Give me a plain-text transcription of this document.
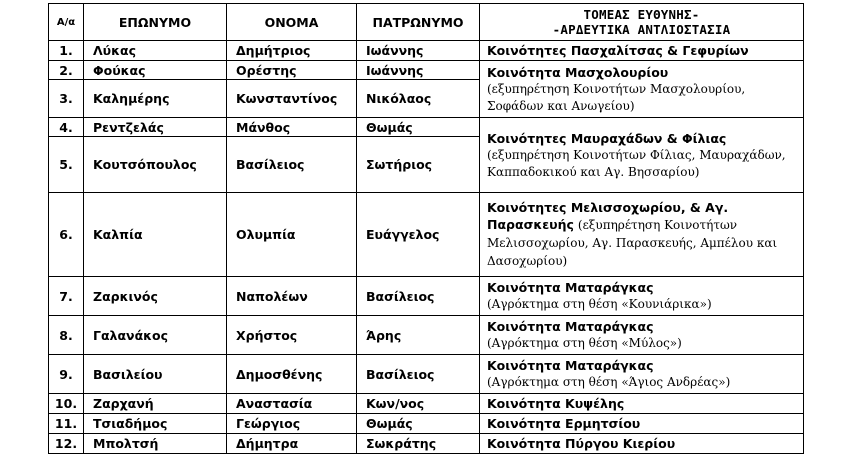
Α/α	ΕΠΩΝΥΜΟ	ΟΝΟΜΑ	ΠΑΤΡΩΝΥΜΟ	ΤΟΜΕΑΣ ΕΥΘΥΝΗΣ-
-ΑΡΔΕΥΤΙΚΑ ΑΝΤΛΙΟΣΤΑΣΙΑ

1.	Λύκας	Δημήτριος	Ιωάννης	Κοινότητες Πασχαλίτσας & Γεφυρίων
2.	Φούκας	Ορέστης	Ιωάννης	Κοινότητα Μασχολουρίου
(εξυπηρέτηση Κοινοτήτων Μασχολουρίου, Σοφάδων και Ανωγείου)

3.	Καλημέρης	Κωνσταντίνος	Νικόλαος	
4.	Ρεντζελάς	Μάνθος	Θωμάς	Κοινότητες Μαυραχάδων & Φίλιας
(εξυπηρέτηση Κοινοτήτων Φίλιας, Μαυραχάδων, Καππαδοκικού και Αγ. Βησσαρίου)

5.	Κουτσόπουλος	Βασίλειος	Σωτήριος	
6.	Καλπία	Ολυμπία	Ευάγγελος	Κοινότητες Μελισσοχωρίου, & Αγ. Παρασκευής (εξυπηρέτηση Κοινοτήτων Μελισσοχωρίου, Αγ. Παρασκευής, Αμπέλου και Δασοχωρίου)
7.	Ζαρκινός	Ναπολέων	Βασίλειος	Κοινότητα Ματαράγκας
(Αγρόκτημα στη θέση «Κουνιάρικα»)

8.	Γαλανάκος	Χρήστος	Άρης	Κοινότητα Ματαράγκας
(Αγρόκτημα στη θέση «Μύλος»)

9.	Βασιλείου	Δημοσθένης	Βασίλειος	Κοινότητα Ματαράγκας
(Αγρόκτημα στη θέση «Άγιος Ανδρέας»)

10.	Ζαρχανή	Αναστασία	Κων/νος	Κοινότητα Κυψέλης
11.	Τσιαδήμος	Γεώργιος	Θωμάς	Κοινότητα Ερμητσίου
12.	Μπολτσή	Δήμητρα	Σωκράτης	Κοινότητα Πύργου Κιερίου
